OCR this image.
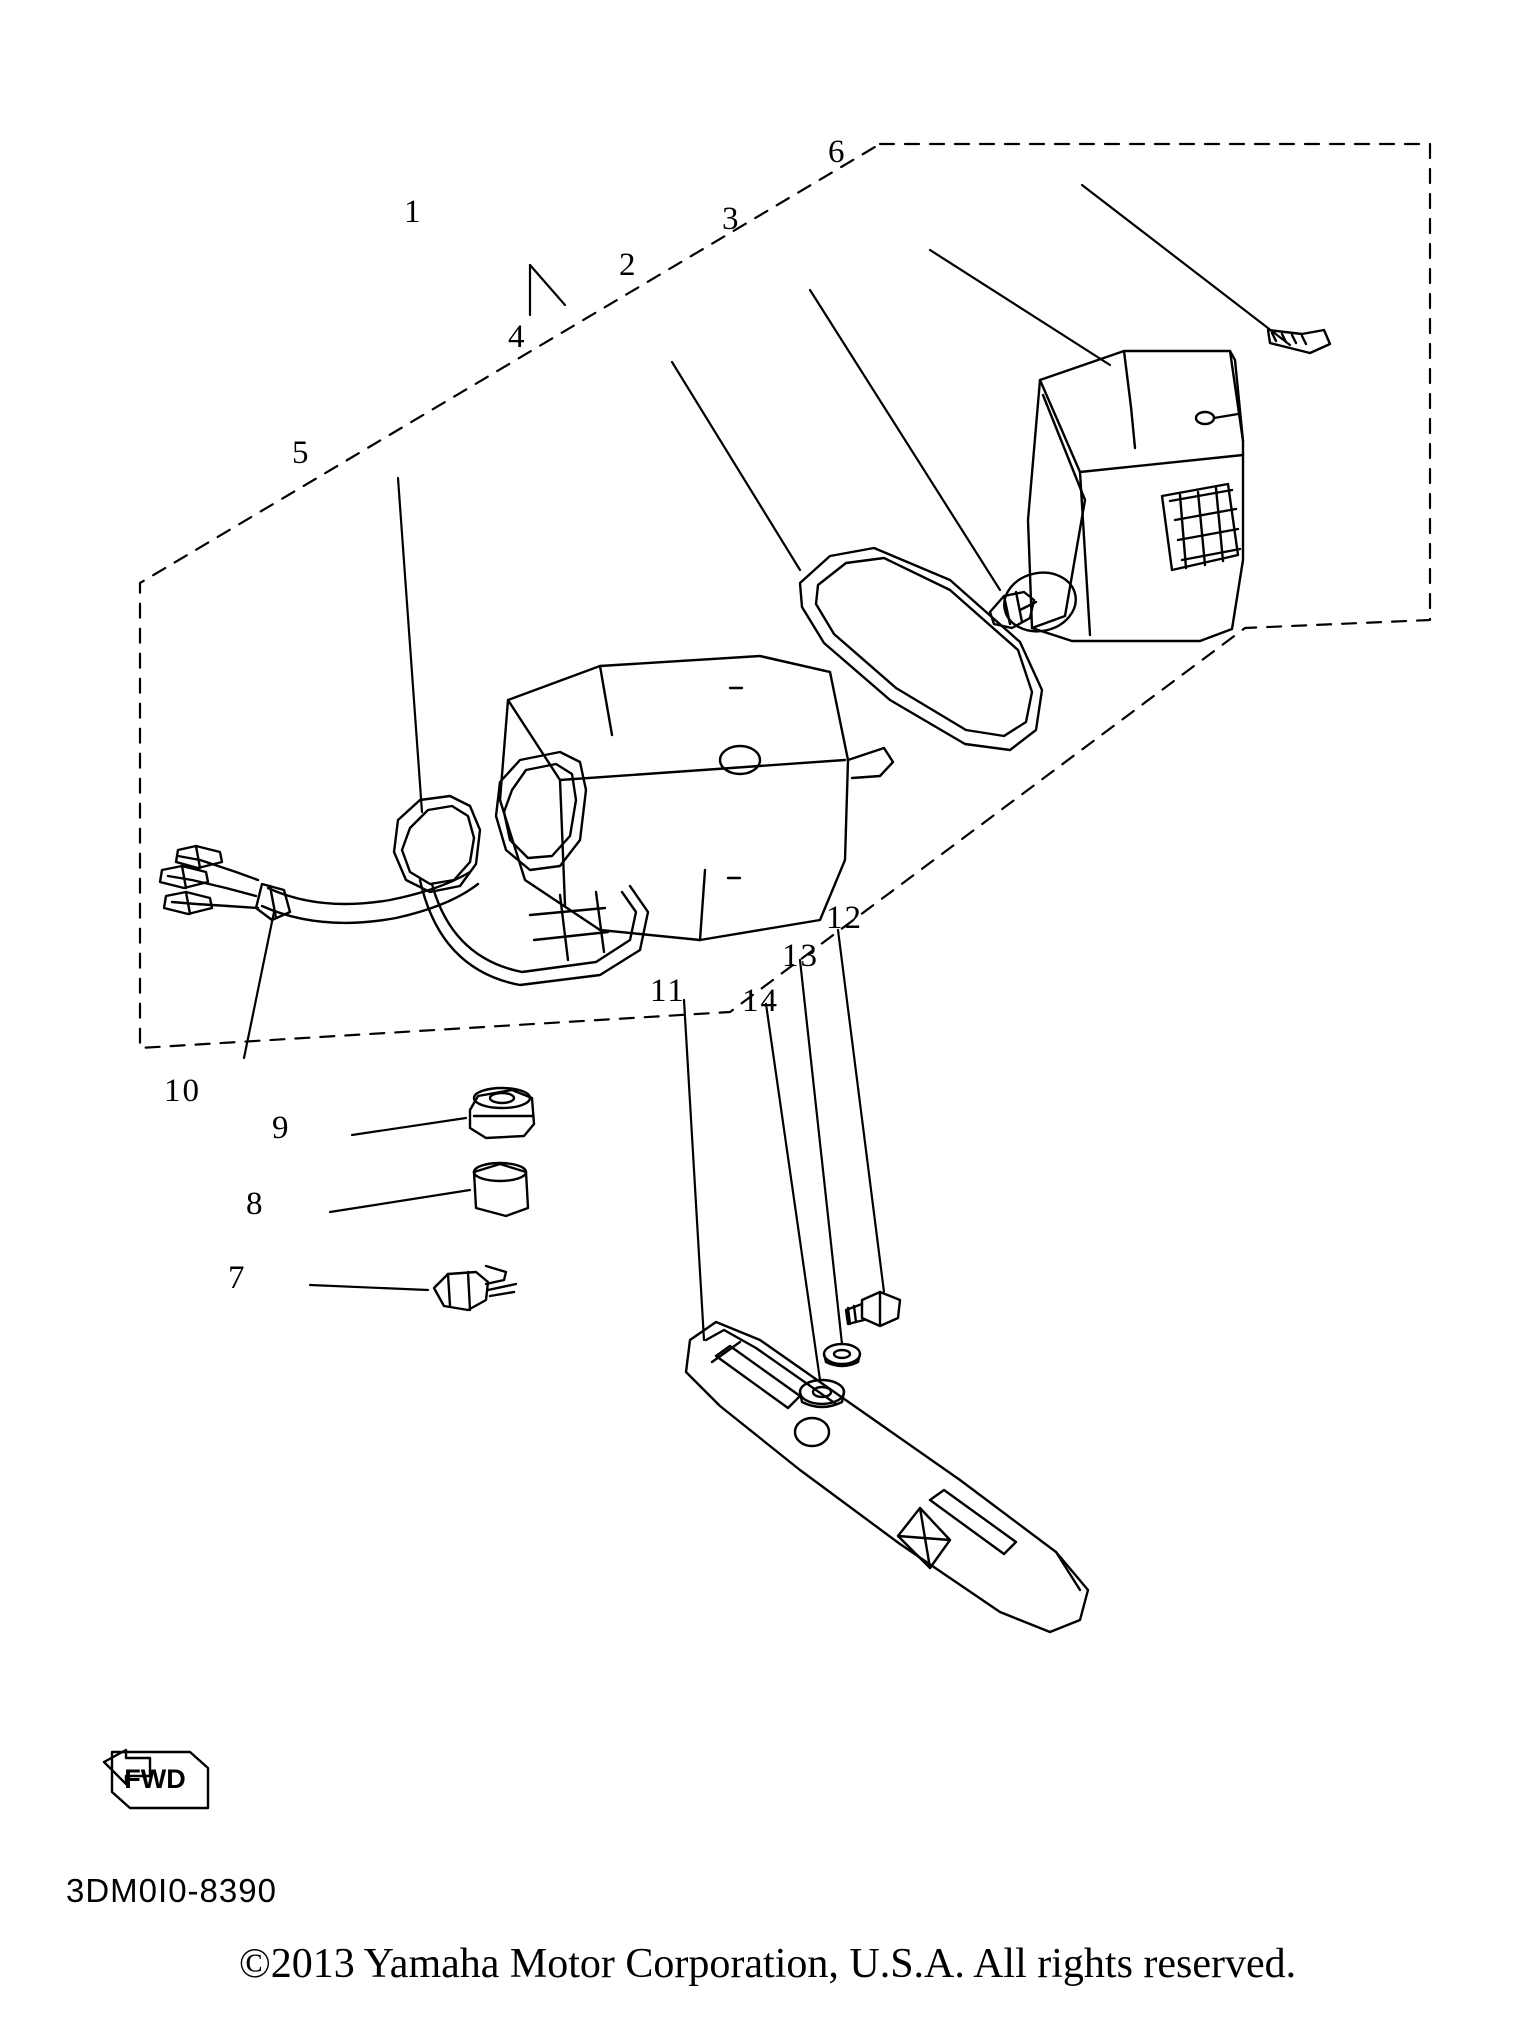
1
2
3
4
5
6
7
8
9
10
11
12
13
14
FWD
3DM0I0-8390
©2013 Yamaha Motor Corporation, U.S.A. All rights reserved.
